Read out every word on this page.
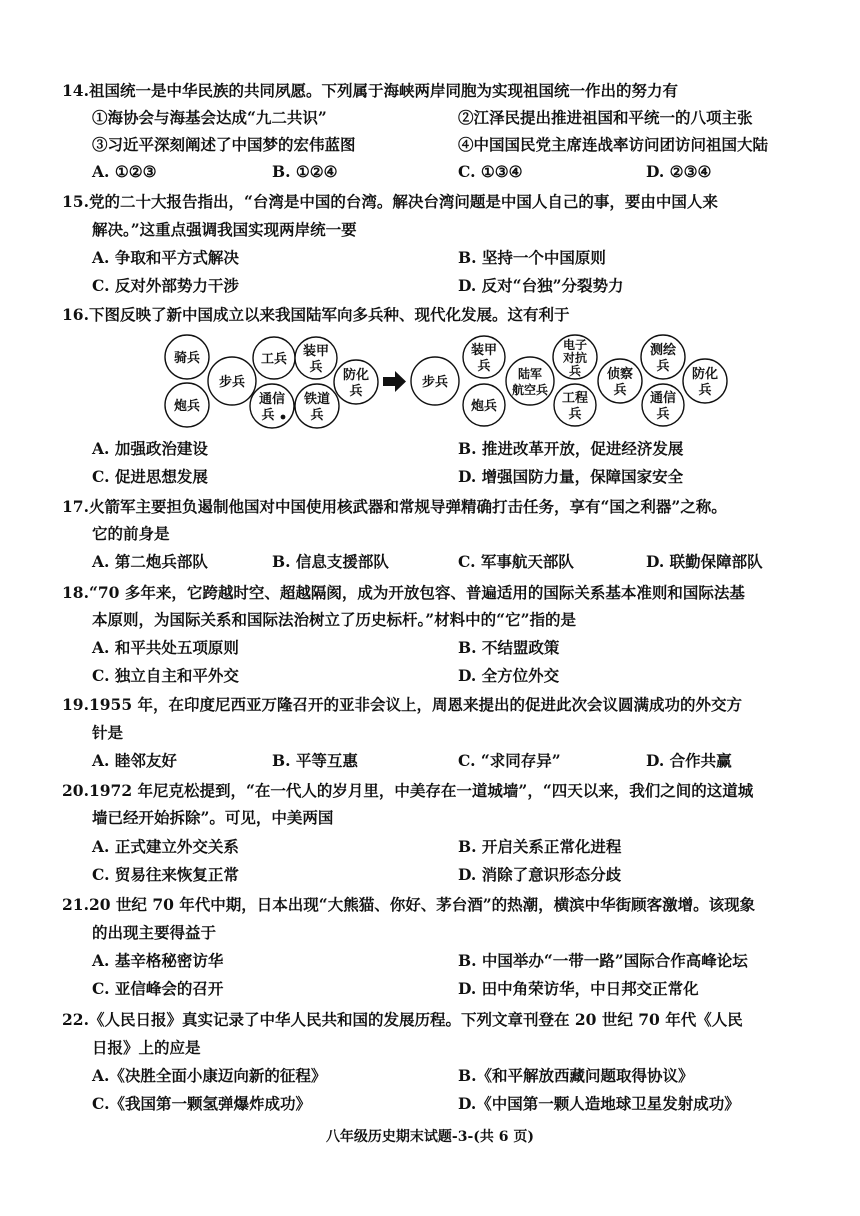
14.祖国统一是中华民族的共同夙愿。下列属于海峡两岸同胞为实现祖国统一作出的努力有
①海协会与海基会达成“九二共识”	②江泽民提出推进祖国和平统一的八项主张
③习近平深刻阐述了中国梦的宏伟蓝图	④中国国民党主席连战率访问团访问祖国大陆
A. ①②③	B. ①②④	C. ①③④	D. ②③④
15.党的二十大报告指出，“台湾是中国的台湾。解决台湾问题是中国人自己的事，要由中国人来
解决。”这重点强调我国实现两岸统一要
A. 争取和平方式解决	B. 坚持一个中国原则
C. 反对外部势力干涉	D. 反对“台独”分裂势力
16.下图反映了新中国成立以来我国陆军向多兵种、现代化发展。这有利于
骑兵
步兵
工兵
装甲兵
防化兵
炮兵	通信兵
铁道兵
步兵
装甲兵
电子对抗兵
陆军航空兵
侦察兵
测绘兵
防化兵
炮兵
工程兵
通信兵
A. 加强政治建设	B. 推进改革开放，促进经济发展
C. 促进思想发展	D. 增强国防力量，保障国家安全
17.火箭军主要担负遏制他国对中国使用核武器和常规导弹精确打击任务，享有“国之利器”之称。
它的前身是
A. 第二炮兵部队	B. 信息支援部队	C. 军事航天部队	D. 联勤保障部队
18.“70 多年来，它跨越时空、超越隔阂，成为开放包容、普遍适用的国际关系基本准则和国际法基
本原则，为国际关系和国际法治树立了历史标杆。”材料中的“它”指的是
A. 和平共处五项原则	B. 不结盟政策
C. 独立自主和平外交	D. 全方位外交
19.1955 年，在印度尼西亚万隆召开的亚非会议上，周恩来提出的促进此次会议圆满成功的外交方
针是
A. 睦邻友好	B. 平等互惠	C. “求同存异”	D. 合作共赢
20.1972 年尼克松提到，“在一代人的岁月里，中美存在一道城墙”，“四天以来，我们之间的这道城
墙已经开始拆除”。可见，中美两国
A. 正式建立外交关系	B. 开启关系正常化进程
C. 贸易往来恢复正常	D. 消除了意识形态分歧
21.20 世纪 70 年代中期，日本出现“大熊猫、你好、茅台酒”的热潮，横滨中华街顾客激增。该现象
的出现主要得益于
A. 基辛格秘密访华	B. 中国举办“一带一路”国际合作高峰论坛
C. 亚信峰会的召开	D. 田中角荣访华，中日邦交正常化
22.《人民日报》真实记录了中华人民共和国的发展历程。下列文章刊登在 20 世纪 70 年代《人民
日报》上的应是
A.《决胜全面小康迈向新的征程》	B.《和平解放西藏问题取得协议》
C.《我国第一颗氢弹爆炸成功》	D.《中国第一颗人造地球卫星发射成功》
八年级历史期末试题-3-(共 6 页)
